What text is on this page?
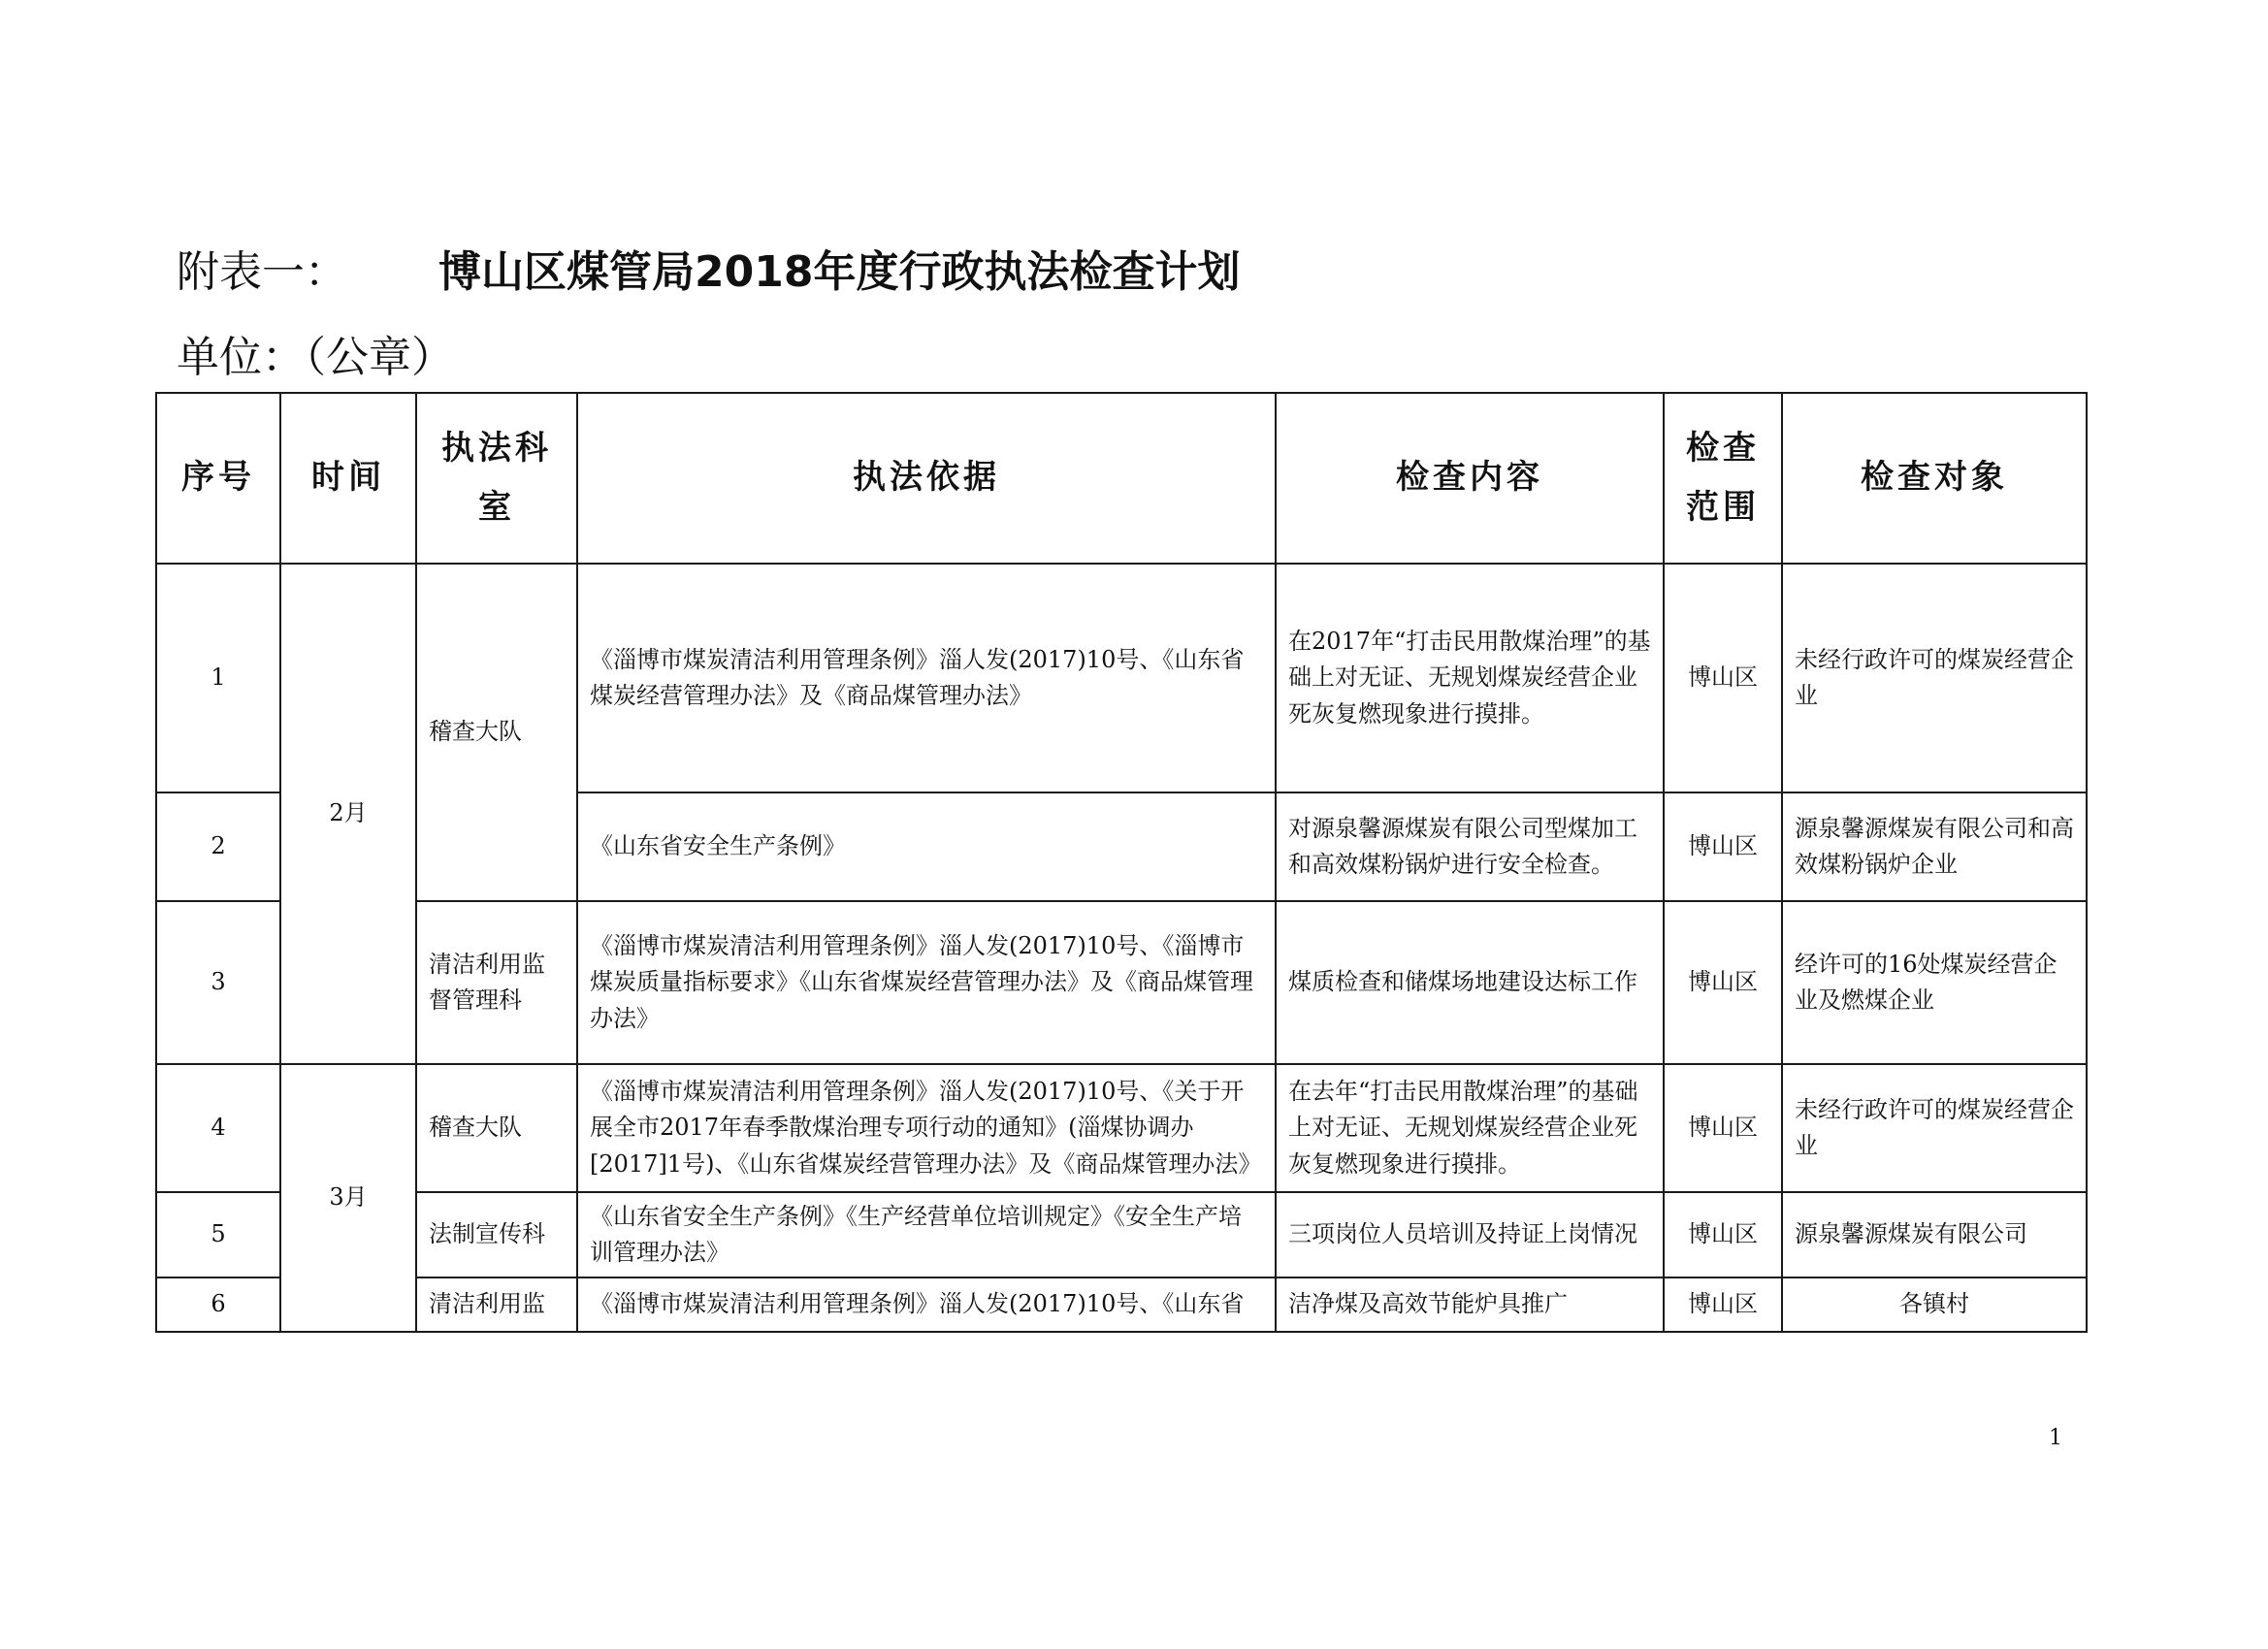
附表一： 博山区煤管局2018年度行政执法检查计划
单位：（公章）
序号	时间	执法科室	执法依据	检查内容	检查范围	检查对象
1	2月	稽查大队	《淄博市煤炭清洁利用管理条例》淄人发(2017)10号、《山东省煤炭经营管理办法》及《商品煤管理办法》	在2017年“打击民用散煤治理”的基础上对无证、无规划煤炭经营企业死灰复燃现象进行摸排。	博山区	未经行政许可的煤炭经营企业
2			《山东省安全生产条例》	对源泉馨源煤炭有限公司型煤加工和高效煤粉锅炉进行安全检查。	博山区	源泉馨源煤炭有限公司和高效煤粉锅炉企业
3		清洁利用监督管理科	《淄博市煤炭清洁利用管理条例》淄人发(2017)10号、《淄博市煤炭质量指标要求》《山东省煤炭经营管理办法》及《商品煤管理办法》	煤质检查和储煤场地建设达标工作	博山区	经许可的16处煤炭经营企业及燃煤企业
4	3月	稽查大队	《淄博市煤炭清洁利用管理条例》淄人发(2017)10号、《关于开展全市2017年春季散煤治理专项行动的通知》(淄煤协调办[2017]1号)、《山东省煤炭经营管理办法》及《商品煤管理办法》	在去年“打击民用散煤治理”的基础上对无证、无规划煤炭经营企业死灰复燃现象进行摸排。	博山区	未经行政许可的煤炭经营企业
5		法制宣传科	《山东省安全生产条例》《生产经营单位培训规定》《安全生产培训管理办法》	三项岗位人员培训及持证上岗情况	博山区	源泉馨源煤炭有限公司
6		清洁利用监	《淄博市煤炭清洁利用管理条例》淄人发(2017)10号、《山东省	洁净煤及高效节能炉具推广	博山区	各镇村
1
